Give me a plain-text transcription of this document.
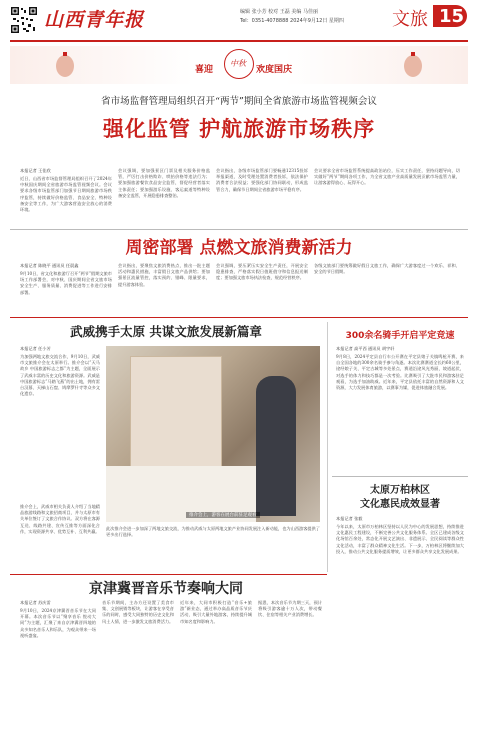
山西青年报	编辑 张小芳 校对 王磊 美编 马佳丽
Tel：0351-4078888 2024年9月12日 星期四	文旅 15
喜迎
中秋
欢度国庆
省市场监督管理局组织召开“两节”期间全省旅游市场监管视频会议
强化监管 护航旅游市场秩序
本报记者 王佳欣
近日，山西省市场监督管理局组织召开了2024年中秋国庆期间全省旅游市场监管视频会议。会议要求各级市场监管部门加强节日期间旅游市场秩序监管，持续做好价格监管、食品安全、特种设备安全等工作，为广大游客营造安全放心的消费环境。
会议强调，要加强景区门票及相关服务价格监管，严厉打击价格欺诈、哄抬价格等违法行为；要加强旅游餐饮食品安全监管，督促经营者落实主体责任；要加强游乐设施、客运索道等特种设备安全监管，开展隐患排查整治。
会议指出，各级市场监管部门要畅通12315投诉举报渠道，及时受理处置消费者投诉，依法保护消费者合法权益；要强化部门协同联动，形成监管合力，确保节日期间全省旅游市场平稳有序。
会议要求全省市场监管系统提高政治站位，压实工作责任，坚持问题导向，切实做好“两节”期间各项工作，为全省文旅产业高质量发展贡献市场监管力量，让游客游得放心、玩得开心。
周密部署 点燃文旅消费新活力
本报记者 陈晓平 通讯员 任晨鑫
9月10日，省文化和旅游厅召开“两节”假期文旅市场工作部署会，对中秋、国庆期间全省文旅市场安全生产、服务质量、消费促进等工作进行安排部署。
会议指出，要聚焦文旅消费热点，推出一批主题活动和惠民措施，丰富假日文旅产品供给；要加强景区流量管控，落实预约、错峰、限量要求，提升游客体验。
会议强调，要压紧压实安全生产责任，开展安全隐患排查，严格落实假日值班值守和信息报送制度；要加强文旅市场执法检查，规范经营秩序。
各级文旅部门要统筹做好假日文旅工作，确保广大游客度过一个欢乐、祥和、安全的节日假期。
武威携手太原 共谋文旅发展新篇章
本报记者 任小芳
为加强两地文旅交流合作，9月10日，武威市文旅推介会在太原举行。推介会以“天马故乡 中国旅游标志之都”为主题，全面展示了武威丰富的历史文化和旅游资源。武威是中国旅游标志“马踏飞燕”的出土地，拥有雷台汉墓、天梯山石窟、鸠摩罗什寺等众多文化遗存。
推介会上，武威市相关负责人介绍了当地精品旅游线路和文旅招商项目，并与太原市有关单位签订了文旅合作协议。双方将在客源互送、线路共建、宣传互推等方面深化合作，实现资源共享、优势互补、互利共赢。
推介会上，游客在展台前驻足观看
此次推介会进一步加深了两地文旅交流，为推动武威与太原两地文旅产业协同发展注入新动能，也为山西游客提供了更多出行选择。
300余名骑手开启平定竞速
本报记者 高平西 通讯员 胡宇轩
9月8日，2024平定县自行车公开赛在平定县娘子关镇鸣枪开赛，来自全国各地的300余名骑手参与角逐。本次比赛赛道全长约60公里，途经娘子关、平定古城等多处景点，赛道沿途风光秀丽，坡道起伏，对选手的体力和技巧都是一次考验。比赛吸引了大批市民和游客驻足观看，为选手加油助威。近年来，平定县依托丰富的自然资源和人文资源，大力发展体育旅游，以赛事为媒，促进体旅融合发展。
太原万柏林区
文化惠民成效显著
本报记者 张毅
今年以来，太原市万柏林区坚持以人民为中心的发展思想，持续推进文化惠民工程建设，不断完善公共文化服务体系。全区已建成各级文化场馆百余处，常态化开展文艺演出、非遗展示、全民阅读等群众性文化活动，丰富了群众精神文化生活。下一步，万柏林区将继续加大投入，推动公共文化服务提质增效，让更多群众共享文化发展成果。
京津冀晋音乐节奏响大同
本报记者 苏庆雷
9月10日，2024京津冀晋音乐节在大同开幕。本次音乐节以“聚享音乐 悦动大同”为主题，汇聚了来自京津冀晋四地的众多知名音乐人和乐队，为观众带来一场视听盛宴。
音乐节期间，主办方还设置了美食市集、文创展销等板块，让游客在享受音乐的同时，感受大同独特的历史文化和风土人情，进一步激发文旅消费活力。
近年来，大同市积极打造“音乐+旅游”新业态，通过举办高品质音乐节庆活动，吸引大量外地游客，持续提升城市知名度和影响力。
据悉，本次音乐节为期三天，预计将吸引游客逾十万人次，带动餐饮、住宿等相关产业消费增长。
